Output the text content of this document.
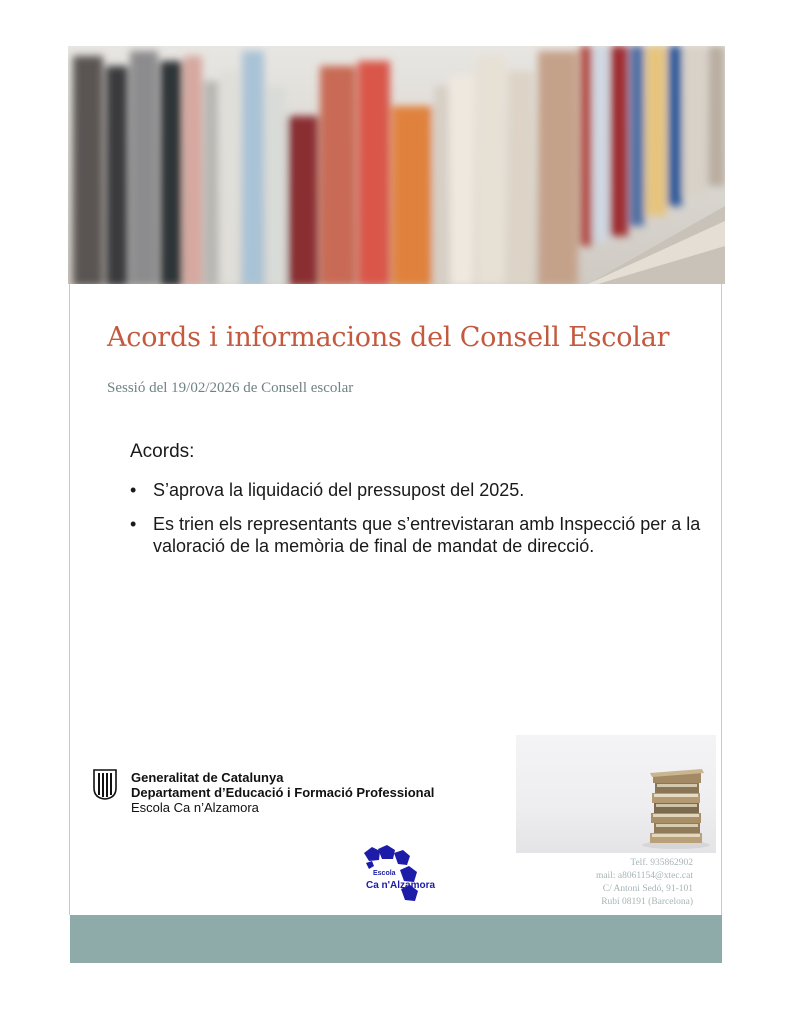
Acords i informacions del Consell Escolar
Sessió del 19/02/2026 de Consell escolar
Acords:
• S’aprova la liquidació del pressupost del 2025.
• Es trien els representants que s’entrevistaran amb Inspecció per a la valoració de la memòria de final de mandat de direcció.
Generalitat de Catalunya
Departament d’Educació i Formació Professional
Escola Ca n’Alzamora
Escola
Ca n'Alzamora
Telf. 935862902
mail: a8061154@xtec.cat
C/ Antoni Sedó, 91-101
Rubí 08191 (Barcelona)
